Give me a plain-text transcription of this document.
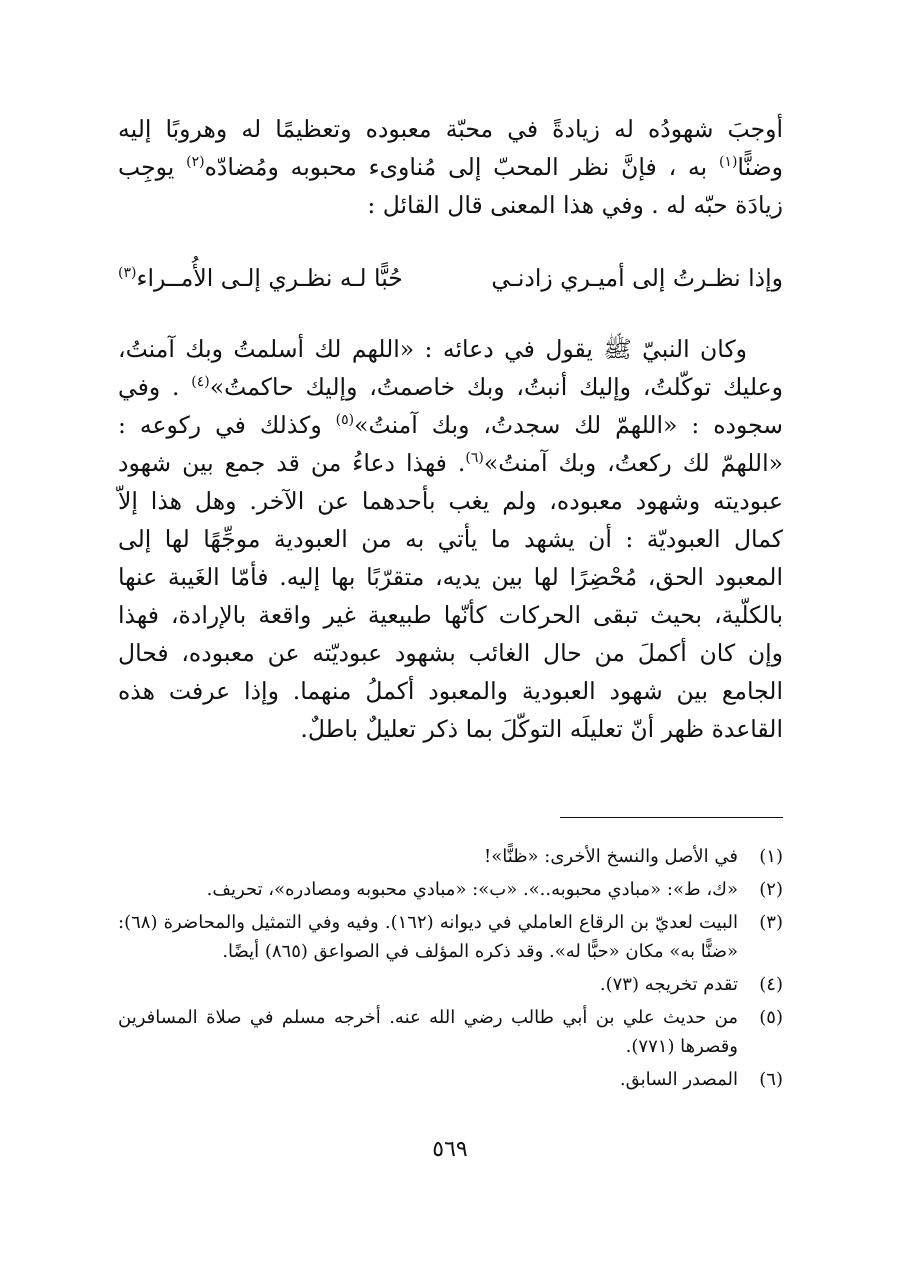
أوجبَ شهودُه له زيادةً في محبّة معبوده وتعظيمًا له وهروبًا إليه وضنًّا$^{(١)}$ به ، فإنَّ نظر المحبّ إلى مُناوىء محبوبه ومُضادّه$^{(٢)}$ يوجِب زيادَة حبّه له . وفي هذا المعنى قال القائل :

وإذا نظـرتُ إلى أميـري زادنـي
حُبًّا لـه نظـري إلـى الأُمــراء$^{(٣)}$

وكان النبيّ ﷺ يقول في دعائه : «اللهم لك أسلمتُ وبك آمنتُ، وعليك توكّلتُ، وإليك أنبتُ، وبك خاصمتُ، وإليك حاكمتُ»$^{(٤)}$ . وفي سجوده : «اللهمّ لك سجدتُ، وبك آمنتُ»$^{(٥)}$ وكذلك في ركوعه : «اللهمّ لك ركعتُ، وبك آمنتُ»$^{(٦)}$. فهذا دعاءُ من قد جمع بين شهود عبوديته وشهود معبوده، ولم يغب بأحدهما عن الآخر. وهل هذا إلاّ كمال العبوديّة : أن يشهد ما يأتي به من العبودية موجِّهًا لها إلى المعبود الحق، مُحْضِرًا لها بين يديه، متقرّبًا بها إليه. فأمّا الغَيبة عنها بالكلّية، بحيث تبقى الحركات كأنّها طبيعية غير واقعة بالإرادة، فهذا وإن كان أكملَ من حال الغائب بشهود عبوديّته عن معبوده، فحال الجامع بين شهود العبودية والمعبود أكملُ منهما. وإذا عرفت هذه القاعدة ظهر أنّ تعليلَه التوكّلَ بما ذكر تعليلٌ باطلٌ.

(١)
في الأصل والنسخ الأخرى: «ظنًّا»!
(٢)
«ك، ط»: «مبادي محبوبه..». «ب»: «مبادي محبوبه ومصادره»، تحريف.
(٣)
البيت لعديّ بن الرقاع العاملي في ديوانه (١٦٢). وفيه وفي التمثيل والمحاضرة (٦٨): «ضنًّا به» مكان «حبًّا له». وقد ذكره المؤلف في الصواعق (٨٦٥) أيضًا.
(٤)
تقدم تخريجه (٧٣).
(٥)
من حديث علي بن أبي طالب رضي الله عنه. أخرجه مسلم في صلاة المسافرين وقصرها (٧٧١).
(٦)
المصدر السابق.
٥٦٩
